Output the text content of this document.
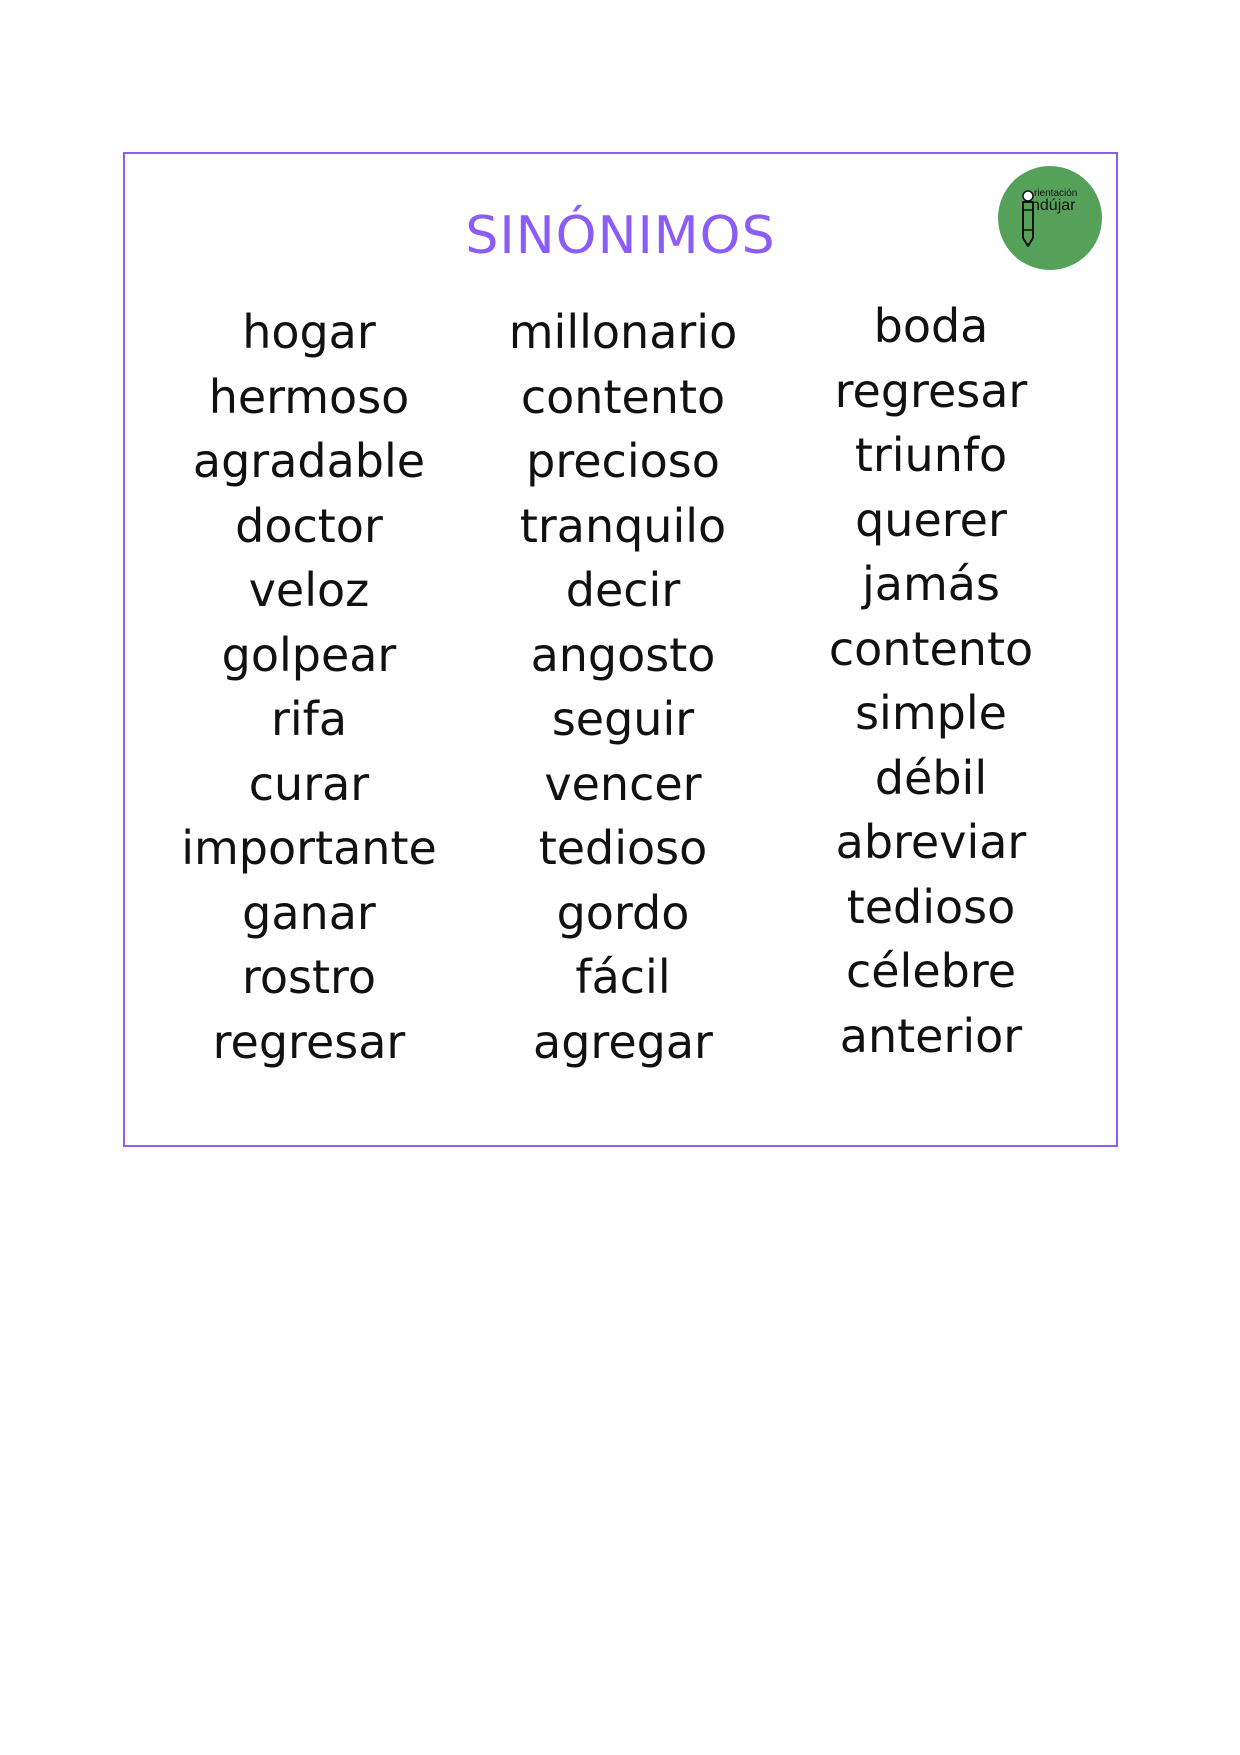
SINÓNIMOS
rientación
ndújar
hogar
hermoso
agradable
doctor
veloz
golpear
rifa
curar
importante
ganar
rostro
regresar
millonario
contento
precioso
tranquilo
decir
angosto
seguir
vencer
tedioso
gordo
fácil
agregar
boda
regresar
triunfo
querer
jamás
contento
simple
débil
abreviar
tedioso
célebre
anterior
